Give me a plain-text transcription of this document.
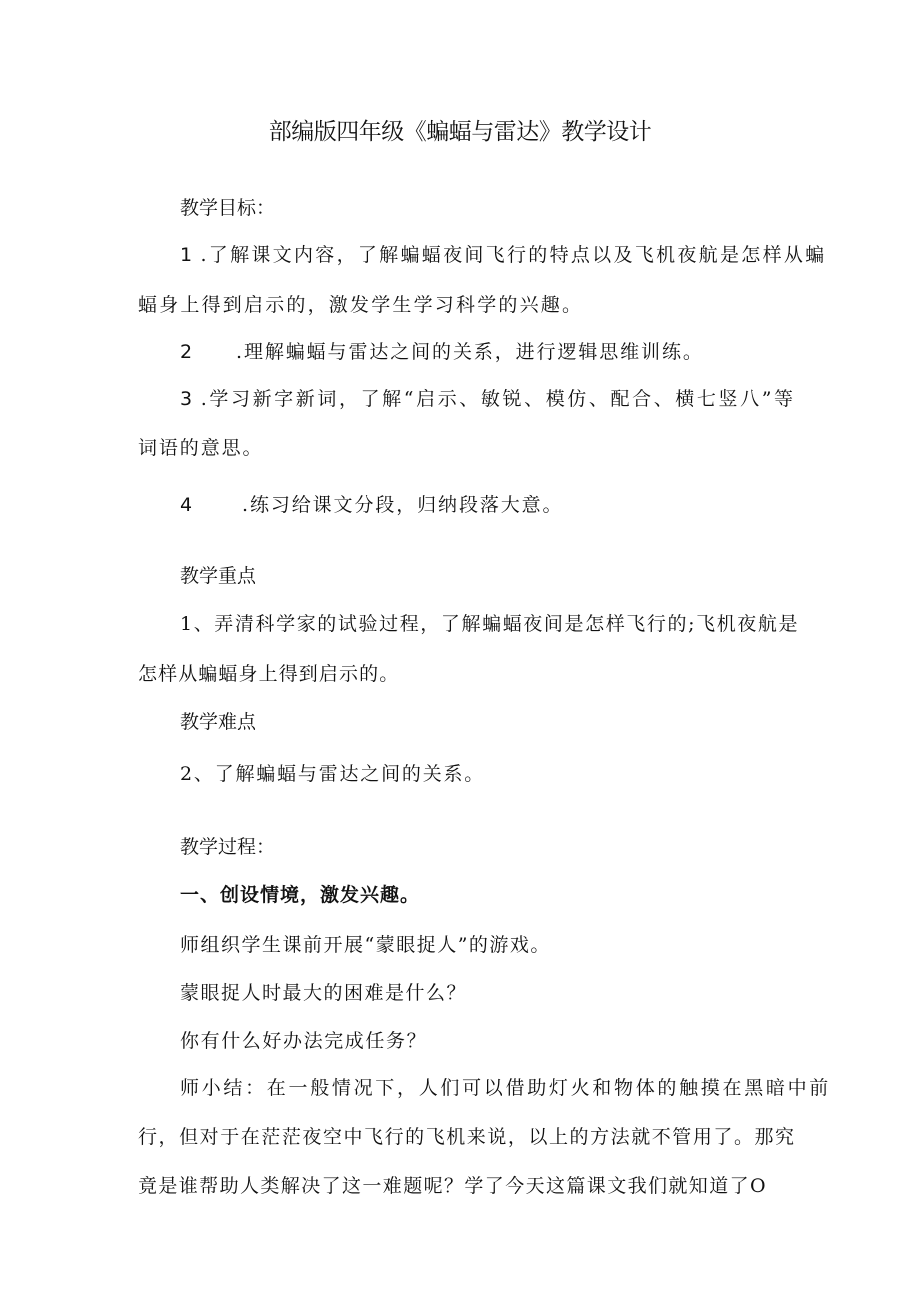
部编版四年级《蝙蝠与雷达》教学设计
教学目标：
1 .了解课文内容，了解蝙蝠夜间飞行的特点以及飞机夜航是怎样从蝙
蝠身上得到启示的，激发学生学习科学的兴趣。
2 .理解蝙蝠与雷达之间的关系，进行逻辑思维训练。
3 .学习新字新词，了解“启示、敏锐、模仿、配合、横七竖八”等
词语的意思。
4	.练习给课文分段，归纳段落大意。
教学重点
1、弄清科学家的试验过程，了解蝙蝠夜间是怎样飞行的;飞机夜航是
怎样从蝙蝠身上得到启示的。
教学难点
2、了解蝙蝠与雷达之间的关系。
教学过程：
一、创设情境，激发兴趣。
师组织学生课前开展“蒙眼捉人”的游戏。
蒙眼捉人时最大的困难是什么？
你有什么好办法完成任务？
师小结：在一般情况下，人们可以借助灯火和物体的触摸在黑暗中前
行，但对于在茫茫夜空中飞行的飞机来说，以上的方法就不管用了。那究
竟是谁帮助人类解决了这一难题呢？学了今天这篇课文我们就知道了O
